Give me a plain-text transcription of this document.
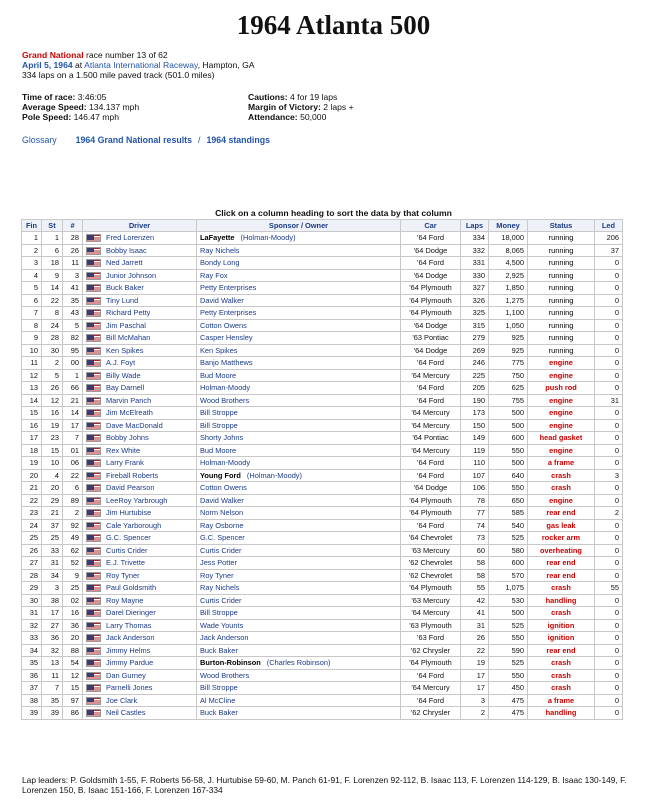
1964 Atlanta 500
Grand National race number 13 of 62
April 5, 1964 at Atlanta International Raceway, Hampton, GA
334 laps on a 1.500 mile paved track (501.0 miles)
Time of race: 3:46:05
Average Speed: 134.137 mph
Pole Speed: 146.47 mph
Cautions: 4 for 19 laps
Margin of Victory: 2 laps +
Attendance: 50,000
Glossary 1964 Grand National results / 1964 standings
Click on a column heading to sort the data by that column
Fin	St	#	Driver	Sponsor / Owner	Car	Laps	Money	Status	Led
1	1	28	Fred Lorenzen	LaFayette (Holman-Moody)	'64 Ford	334	18,000	running	206
2	6	26	Bobby Isaac	Ray Nichels	'64 Dodge	332	8,065	running	37
3	18	11	Ned Jarrett	Bondy Long	'64 Ford	331	4,500	running	0
4	9	3	Junior Johnson	Ray Fox	'64 Dodge	330	2,925	running	0
5	14	41	Buck Baker	Petty Enterprises	'64 Plymouth	327	1,850	running	0
6	22	35	Tiny Lund	David Walker	'64 Plymouth	326	1,275	running	0
7	8	43	Richard Petty	Petty Enterprises	'64 Plymouth	325	1,100	running	0
8	24	5	Jim Paschal	Cotton Owens	'64 Dodge	315	1,050	running	0
9	28	82	Bill McMahan	Casper Hensley	'63 Pontiac	279	925	running	0
10	30	95	Ken Spikes	Ken Spikes	'64 Dodge	269	925	running	0
11	2	00	A.J. Foyt	Banjo Matthews	'64 Ford	246	775	engine	0
12	5	1	Billy Wade	Bud Moore	'64 Mercury	225	750	engine	0
13	26	66	Bay Darnell	Holman-Moody	'64 Ford	205	625	push rod	0
14	12	21	Marvin Panch	Wood Brothers	'64 Ford	190	755	engine	31
15	16	14	Jim McElreath	Bill Stroppe	'64 Mercury	173	500	engine	0
16	19	17	Dave MacDonald	Bill Stroppe	'64 Mercury	150	500	engine	0
17	23	7	Bobby Johns	Shorty Johns	'64 Pontiac	149	600	head gasket	0
18	15	01	Rex White	Bud Moore	'64 Mercury	119	550	engine	0
19	10	06	Larry Frank	Holman-Moody	'64 Ford	110	500	a frame	0
20	4	22	Fireball Roberts	Young Ford (Holman-Moody)	'64 Ford	107	640	crash	3
21	20	6	David Pearson	Cotton Owens	'64 Dodge	106	550	crash	0
22	29	89	LeeRoy Yarbrough	David Walker	'64 Plymouth	78	650	engine	0
23	21	2	Jim Hurtubise	Norm Nelson	'64 Plymouth	77	585	rear end	2
24	37	92	Cale Yarborough	Ray Osborne	'64 Ford	74	540	gas leak	0
25	25	49	G.C. Spencer	G.C. Spencer	'64 Chevrolet	73	525	rocker arm	0
26	33	62	Curtis Crider	Curtis Crider	'63 Mercury	60	580	overheating	0
27	31	52	E.J. Trivette	Jess Potter	'62 Chevrolet	58	600	rear end	0
28	34	9	Roy Tyner	Roy Tyner	'62 Chevrolet	58	570	rear end	0
29	3	25	Paul Goldsmith	Ray Nichels	'64 Plymouth	55	1,075	crash	55
30	38	02	Roy Mayne	Curtis Crider	'63 Mercury	42	530	handling	0
31	17	16	Darel Dieringer	Bill Stroppe	'64 Mercury	41	500	crash	0
32	27	36	Larry Thomas	Wade Younts	'63 Plymouth	31	525	ignition	0
33	36	20	Jack Anderson	Jack Anderson	'63 Ford	26	550	ignition	0
34	32	88	Jimmy Helms	Buck Baker	'62 Chrysler	22	590	rear end	0
35	13	54	Jimmy Pardue	Burton-Robinson (Charles Robinson)	'64 Plymouth	19	525	crash	0
36	11	12	Dan Gurney	Wood Brothers	'64 Ford	17	550	crash	0
37	7	15	Parnelli Jones	Bill Stroppe	'64 Mercury	17	450	crash	0
38	35	97	Joe Clark	Al McCline	'64 Ford	3	475	a frame	0
39	39	86	Neil Castles	Buck Baker	'62 Chrysler	2	475	handling	0
Lap leaders: P. Goldsmith 1-55, F. Roberts 56-58, J. Hurtubise 59-60, M. Panch 61-91, F. Lorenzen 92-112, B. Isaac 113, F. Lorenzen 114-129, B. Isaac 130-149, F. Lorenzen 150, B. Isaac 151-166, F. Lorenzen 167-334
